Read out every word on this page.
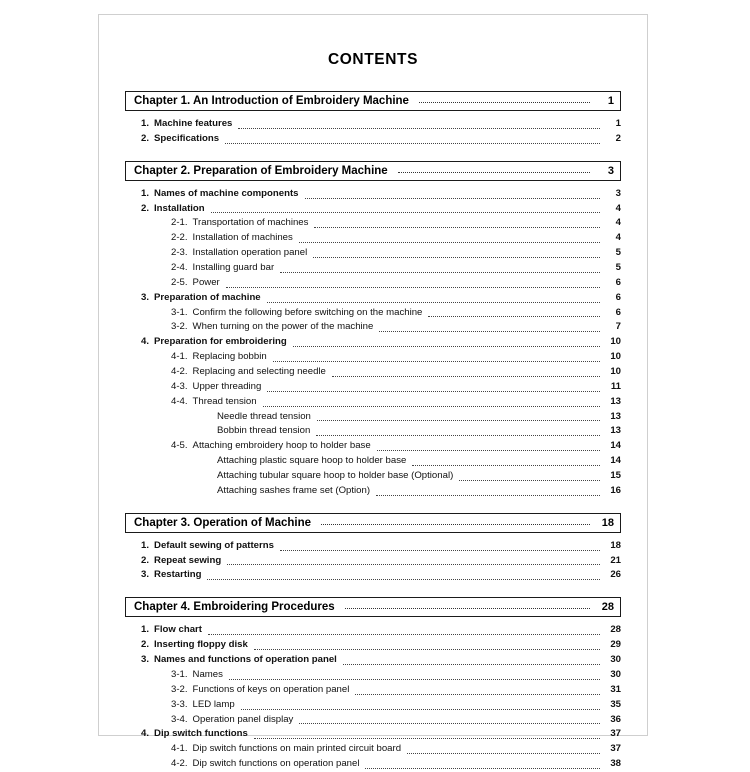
CONTENTS
Chapter 1. An Introduction of Embroidery Machine	1
1. Machine features	1
2. Specifications	2
Chapter 2. Preparation of Embroidery Machine	3
1. Names of machine components	3
2. Installation	4
2-1. Transportation of machines	4
2-2. Installation of machines	4
2-3. Installation operation panel	5
2-4. Installing guard bar	5
2-5. Power	6
3. Preparation of machine	6
3-1. Confirm the following before switching on the machine	6
3-2. When turning on the power of the machine	7
4. Preparation for embroidering	10
4-1. Replacing bobbin	10
4-2. Replacing and selecting needle	10
4-3. Upper threading	11
4-4. Thread tension	13
Needle thread tension	13
Bobbin thread tension	13
4-5. Attaching embroidery hoop to holder base	14
Attaching plastic square hoop to holder base	14
Attaching tubular square hoop to holder base (Optional)	15
Attaching sashes frame set (Option)	16
Chapter 3. Operation of Machine	18
1. Default sewing of patterns	18
2. Repeat sewing	21
3. Restarting	26
Chapter 4. Embroidering Procedures	28
1. Flow chart	28
2. Inserting floppy disk	29
3. Names and functions of operation panel	30
3-1. Names	30
3-2. Functions of keys on operation panel	31
3-3. LED lamp	35
3-4. Operation panel display	36
4. Dip switch functions	37
4-1. Dip switch functions on main printed circuit board	37
4-2. Dip switch functions on operation panel	38
